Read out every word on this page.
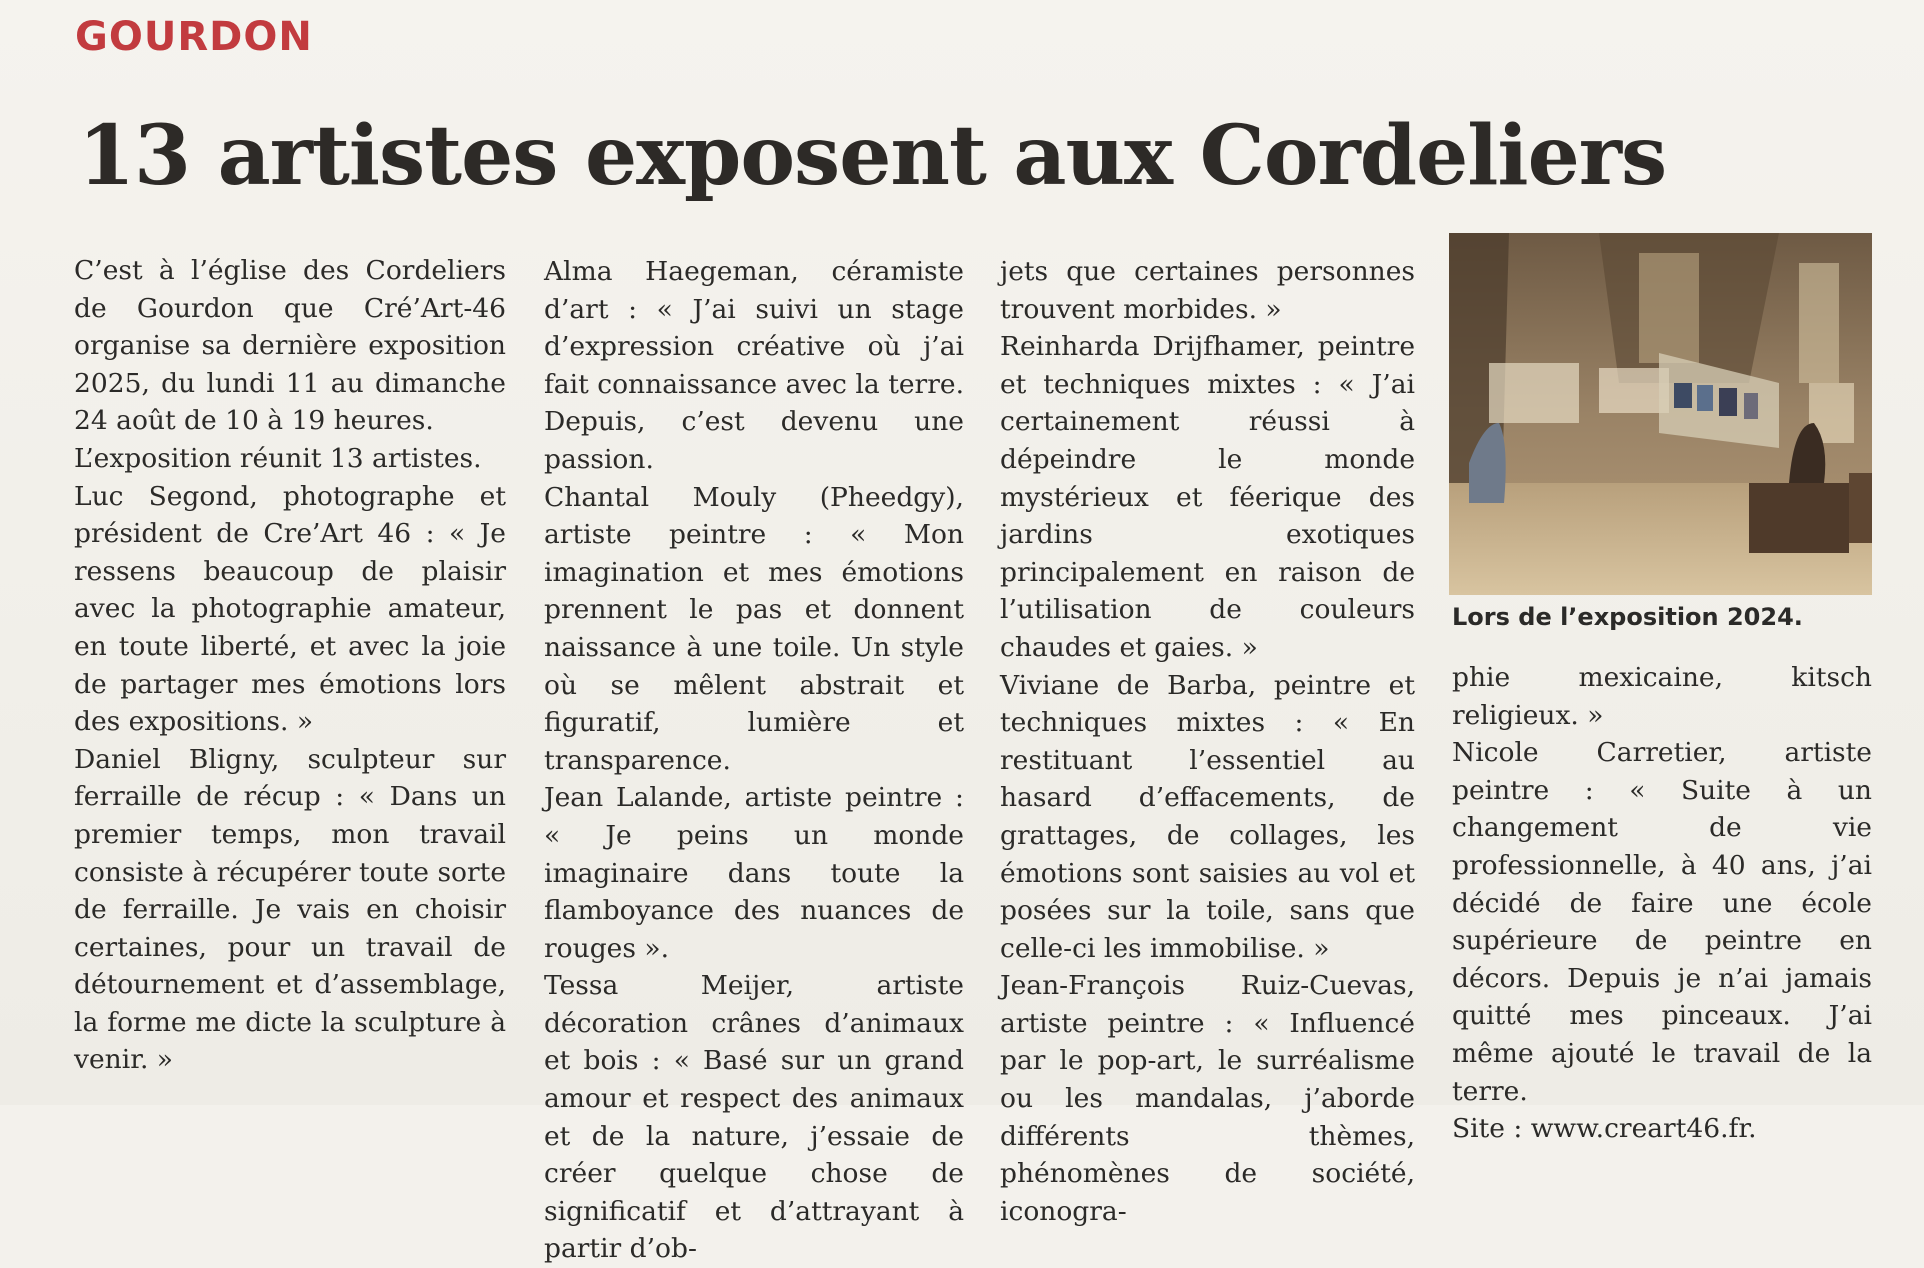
GOURDON
13 artistes exposent aux Cordeliers

C’est à l’église des Cordeliers de Gourdon que Cré’Art-46 organise sa dernière exposition 2025, du lundi 11 au dimanche 24 août de 10 à 19 heures.

L’exposition réunit 13 artistes.

Luc Segond, photographe et président de Cre’Art 46 : « Je ressens beaucoup de plaisir avec la photographie amateur, en toute liberté, et avec la joie de partager mes émotions lors des expositions. »

Daniel Bligny, sculpteur sur ferraille de récup : « Dans un premier temps, mon travail consiste à récupérer toute sorte de ferraille. Je vais en choisir certaines, pour un travail de détournement et d’assemblage, la forme me dicte la sculpture à venir. »

Alma Haegeman, céramiste d’art : « J’ai suivi un stage d’expression créative où j’ai fait connaissance avec la terre. Depuis, c’est devenu une passion.

Chantal Mouly (Pheedgy), artiste peintre : « Mon imagination et mes émotions prennent le pas et donnent naissance à une toile. Un style où se mêlent abstrait et figuratif, lumière et transparence.

Jean Lalande, artiste peintre : « Je peins un monde imaginaire dans toute la flamboyance des nuances de rouges ».

Tessa Meijer, artiste décoration crânes d’animaux et bois : « Basé sur un grand amour et respect des animaux et de la nature, j’essaie de créer quelque chose de significatif et d’attrayant à partir d’ob-

jets que certaines personnes trouvent morbides. »

Reinharda Drijfhamer, peintre et techniques mixtes : « J’ai certainement réussi à dépeindre le monde mystérieux et féerique des jardins exotiques principalement en raison de l’utilisation de couleurs chaudes et gaies. »

Viviane de Barba, peintre et techniques mixtes : « En restituant l’essentiel au hasard d’effacements, de grattages, de collages, les émotions sont saisies au vol et posées sur la toile, sans que celle-ci les immobilise. »

Jean-François Ruiz-Cuevas, artiste peintre : « Influencé par le pop-art, le surréalisme ou les mandalas, j’aborde différents thèmes, phénomènes de société, iconogra-

Lors de l’exposition 2024.

phie mexicaine, kitsch religieux. »

Nicole Carretier, artiste peintre : « Suite à un changement de vie professionnelle, à 40 ans, j’ai décidé de faire une école supérieure de peintre en décors. Depuis je n’ai jamais quitté mes pinceaux. J’ai même ajouté le travail de la terre.

Site : www.creart46.fr.
